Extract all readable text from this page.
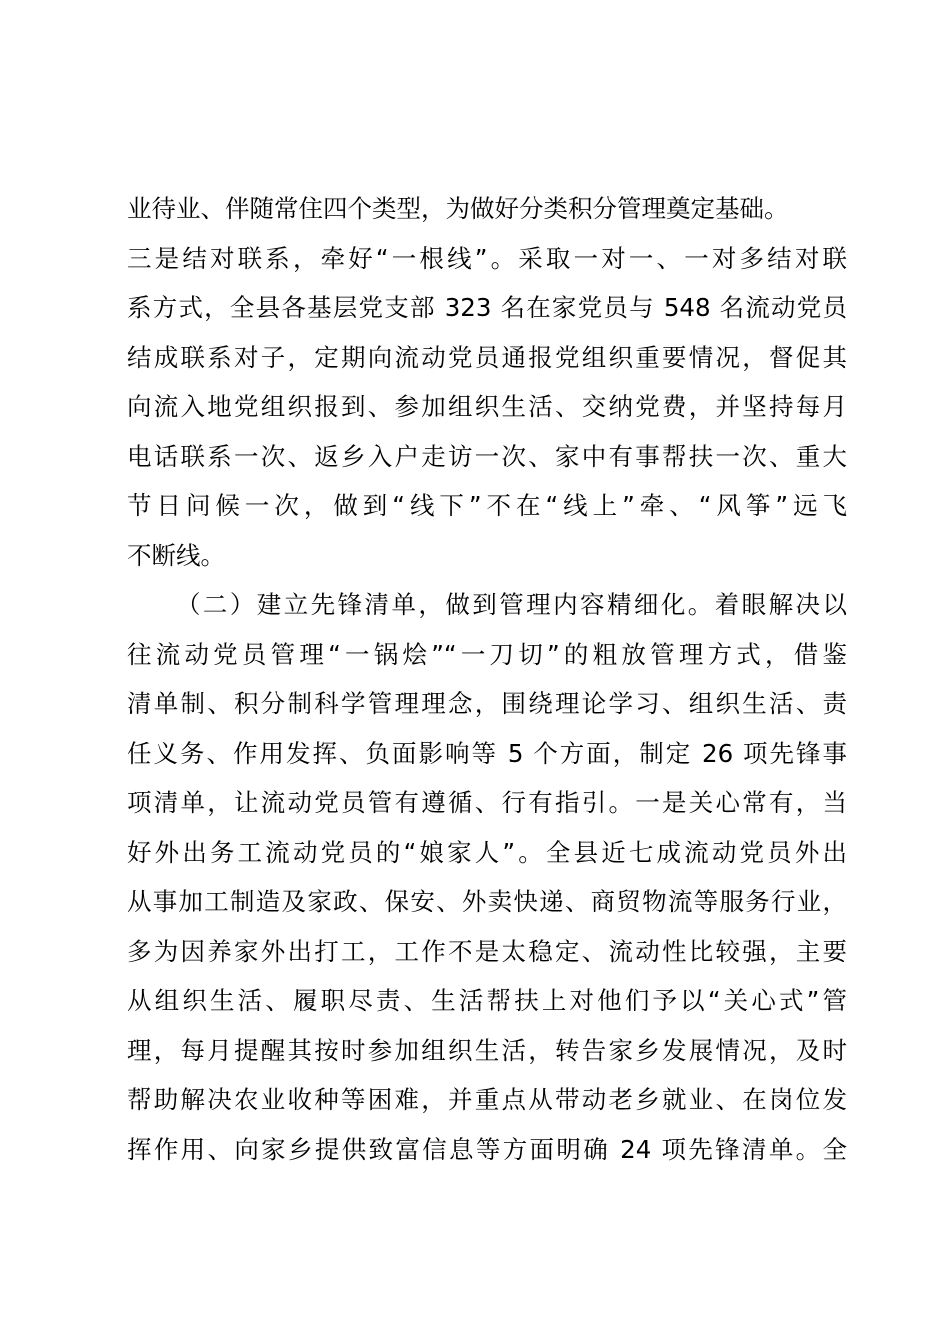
业待业、伴随常住四个类型，为做好分类积分管理奠定基础。
三是结对联系，牵好“一根线”。采取一对一、一对多结对联
系方式，全县各基层党支部 323 名在家党员与 548 名流动党员
结成联系对子，定期向流动党员通报党组织重要情况，督促其
向流入地党组织报到、参加组织生活、交纳党费，并坚持每月
电话联系一次、返乡入户走访一次、家中有事帮扶一次、重大
节日问候一次，做到“线下”不在“线上”牵、“风筝”远飞
不断线。
（二）建立先锋清单，做到管理内容精细化。着眼解决以
往流动党员管理“一锅烩”“一刀切”的粗放管理方式，借鉴
清单制、积分制科学管理理念，围绕理论学习、组织生活、责
任义务、作用发挥、负面影响等 5 个方面，制定 26 项先锋事
项清单，让流动党员管有遵循、行有指引。一是关心常有，当
好外出务工流动党员的“娘家人”。全县近七成流动党员外出
从事加工制造及家政、保安、外卖快递、商贸物流等服务行业，
多为因养家外出打工，工作不是太稳定、流动性比较强，主要
从组织生活、履职尽责、生活帮扶上对他们予以“关心式”管
理，每月提醒其按时参加组织生活，转告家乡发展情况，及时
帮助解决农业收种等困难，并重点从带动老乡就业、在岗位发
挥作用、向家乡提供致富信息等方面明确 24 项先锋清单。全
